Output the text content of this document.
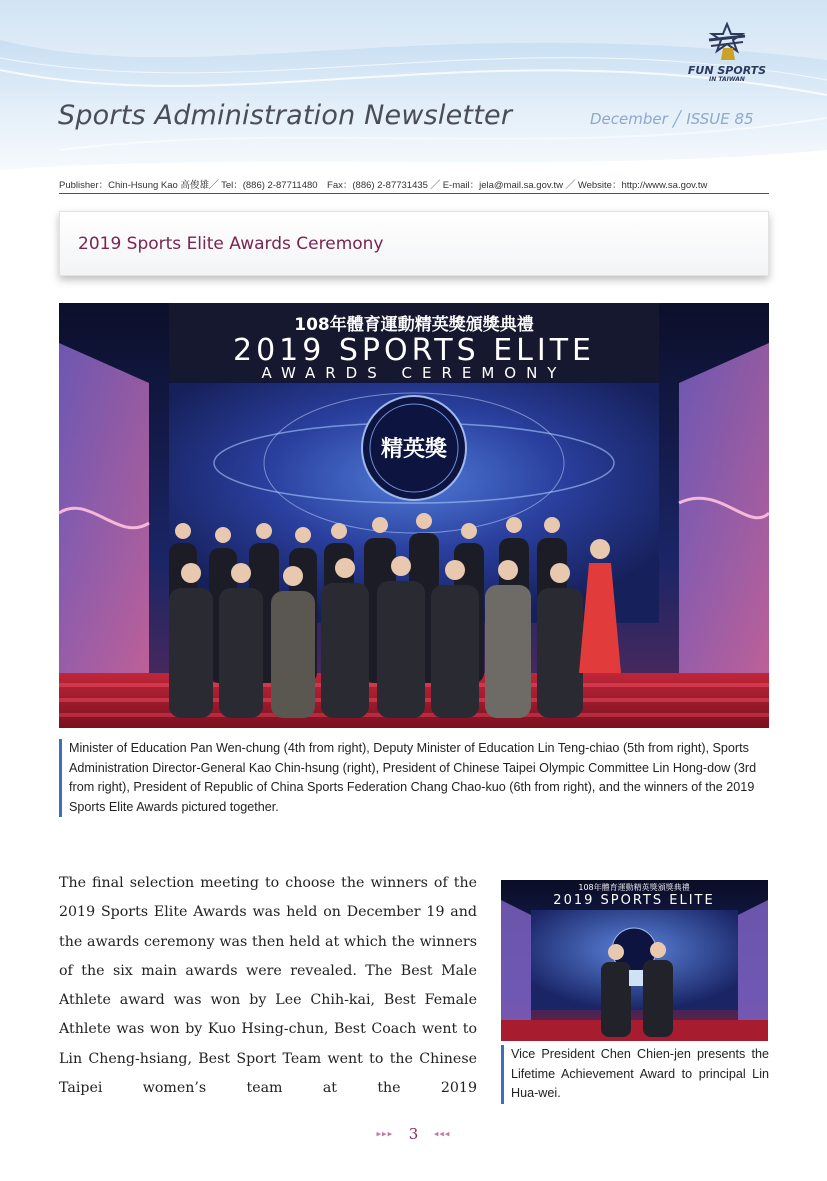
FUN SPORTS
IN TAIWAN
Sports Administration Newsletter	December ╱ ISSUE 85
Publisher：Chin-Hsung Kao 高俊雄╱ Tel：(886) 2-87711480　Fax：(886) 2-87731435 ╱ E-mail：jela@mail.sa.gov.tw ╱ Website：http://www.sa.gov.tw
2019 Sports Elite Awards Ceremony
108年體育運動精英獎頒獎典禮
2019 SPORTS ELITE
AWARDS CEREMONY
精英獎
Minister of Education Pan Wen-chung (4th from right), Deputy Minister of Education Lin Teng-chiao (5th from right), Sports Administration Director-General Kao Chin-hsung (right), President of Chinese Taipei Olympic Committee Lin Hong-dow (3rd from right), President of Republic of China Sports Federation Chang Chao-kuo (6th from right), and the winners of the 2019 Sports Elite Awards pictured together.
The final selection meeting to choose the winners of the 2019 Sports Elite Awards was held on December 19 and the awards ceremony was then held at which the winners of the six main awards were revealed. The Best Male Athlete award was won by Lee Chih-kai, Best Female Athlete was won by Kuo Hsing-chun, Best Coach went to Lin Cheng-hsiang, Best Sport Team went to the Chinese Taipei women’s team at the 2019
108年體育運動精英獎頒獎典禮
2019 SPORTS ELITE
Vice President Chen Chien-jen presents the Lifetime Achievement Award to principal Lin Hua-wei.
▸▸▸ 3 ◂◂◂
